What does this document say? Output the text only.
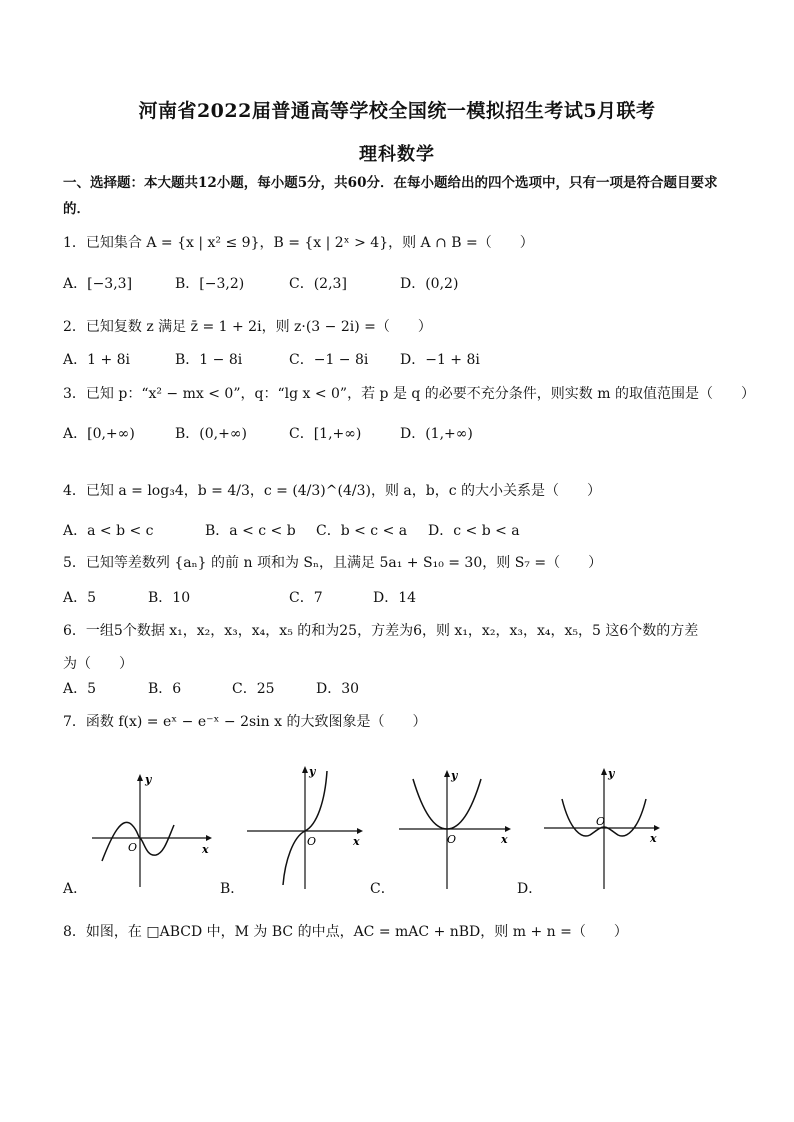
河南省2022届普通高等学校全国统一模拟招生考试5月联考
理科数学
一、选择题：本大题共12小题，每小题5分，共60分．在每小题给出的四个选项中，只有一项是符合题目要求的．
1．已知集合 A = {x | x² ≤ 9}，B = {x | 2ˣ > 4}，则 A ∩ B =（　　）
A．[−3,3]	B．[−3,2)	C．(2,3]	D．(0,2)
2．已知复数 z 满足 z̄ = 1 + 2i，则 z·(3 − 2i) =（　　）
A．1 + 8i	B．1 − 8i	C．−1 − 8i D．−1 + 8i
3．已知 p：“x² − mx < 0”，q：“lg x < 0”，若 p 是 q 的必要不充分条件，则实数 m 的取值范围是（　　）
A．[0,+∞)	B．(0,+∞)	C．[1,+∞)	D．(1,+∞)
4．已知 a = log₃4，b = 4/3，c = (4/3)^(4/3)，则 a，b，c 的大小关系是（　　）
A．a < b < c	B．a < c < b C．b < c < a D．c < b < a
5．已知等差数列 {aₙ} 的前 n 项和为 Sₙ，且满足 5a₁ + S₁₀ = 30，则 S₇ =（　　）
A．5	B．10	C．7	D．14
6．一组5个数据 x₁，x₂，x₃，x₄，x₅ 的和为25，方差为6，则 x₁，x₂，x₃，x₄，x₅，5 这6个数的方差
为（　　）
A．5	B．6	C．25	D．30
7．函数 f(x) = eˣ − e⁻ˣ − 2sin x 的大致图象是（　　）
y
O	x
y
O	x
y
O	x
y
O
x
A．	B．	C．	D．
8．如图，在 □ABCD 中，M 为 BC 的中点，AC = mAC + nBD，则 m + n =（　　）
